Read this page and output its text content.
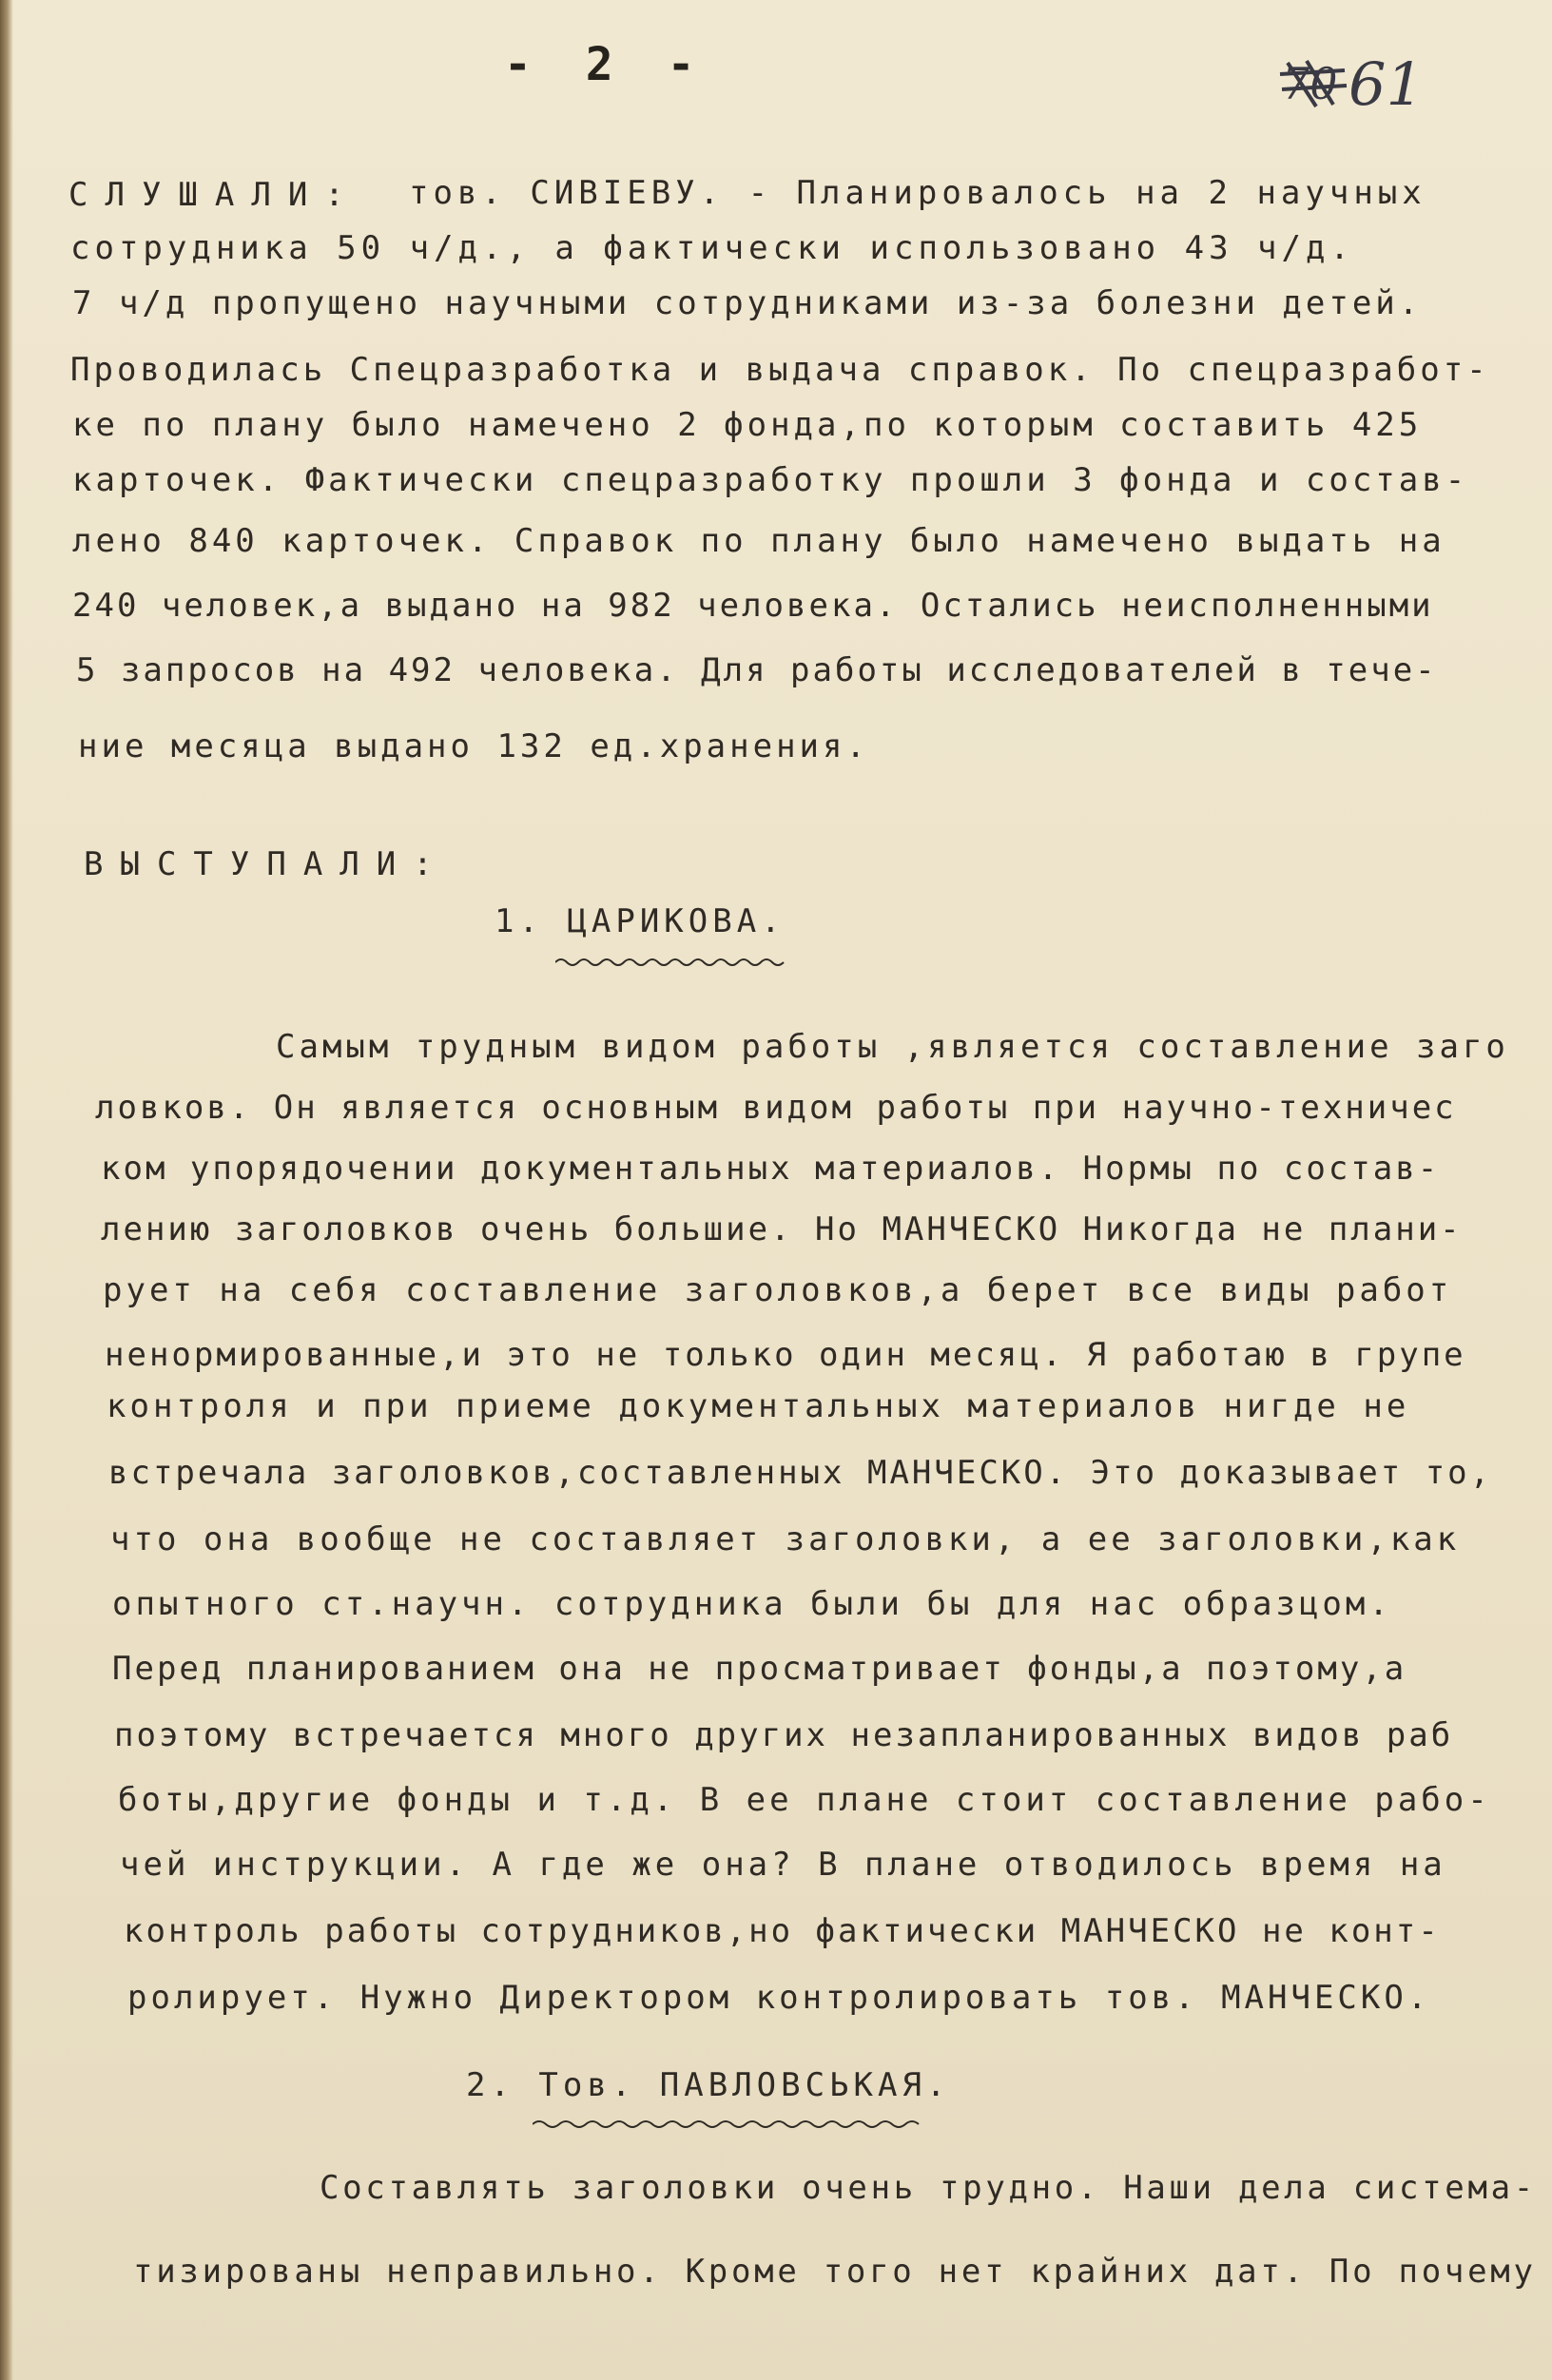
- 2 -	70 61
СЛУШАЛИ: тов. СИВІЕВУ. - Планировалось на 2 научных
сотрудника 50 ч/д., а фактически использовано 43 ч/д.
7 ч/д пропущено научными сотрудниками из-за болезни детей.
Проводилась Спецразработка и выдача справок. По спецразработ-
ке по плану было намечено 2 фонда,по которым составить 425
карточек. Фактически спецразработку прошли 3 фонда и состав-
лено 840 карточек. Справок по плану было намечено выдать на
240 человек,а выдано на 982 человека. Остались неисполненными
5 запросов на 492 человека. Для работы исследователей в тече-
ние месяца выдано 132 ед.хранения.
ВЫСТУПАЛИ:
1. ЦАРИКОВА.
Самым трудным видом работы ,является составление заго
ловков. Он является основным видом работы при научно-техничес
ком упорядочении документальных материалов. Нормы по состав-
лению заголовков очень большие. Но МАНЧЕСКО Никогда не плани-
рует на себя составление заголовков,а берет все виды работ
ненормированные,и это не только один месяц. Я работаю в групе
контроля и при приеме документальных материалов нигде не
встречала заголовков,составленных МАНЧЕСКО. Это доказывает то,
что она вообще не составляет заголовки, а ее заголовки,как
опытного ст.научн. сотрудника были бы для нас образцом.
Перед планированием она не просматривает фонды,а поэтому,а
поэтому встречается много других незапланированных видов раб
боты,другие фонды и т.д. В ее плане стоит составление рабо-
чей инструкции. А где же она? В плане отводилось время на
контроль работы сотрудников,но фактически МАНЧЕСКО не конт-
ролирует. Нужно Директором контролировать тов. МАНЧЕСКО.
2. Тов. ПАВЛОВСЬКАЯ.
Составлять заголовки очень трудно. Наши дела система-
тизированы неправильно. Кроме того нет крайних дат. По почему
